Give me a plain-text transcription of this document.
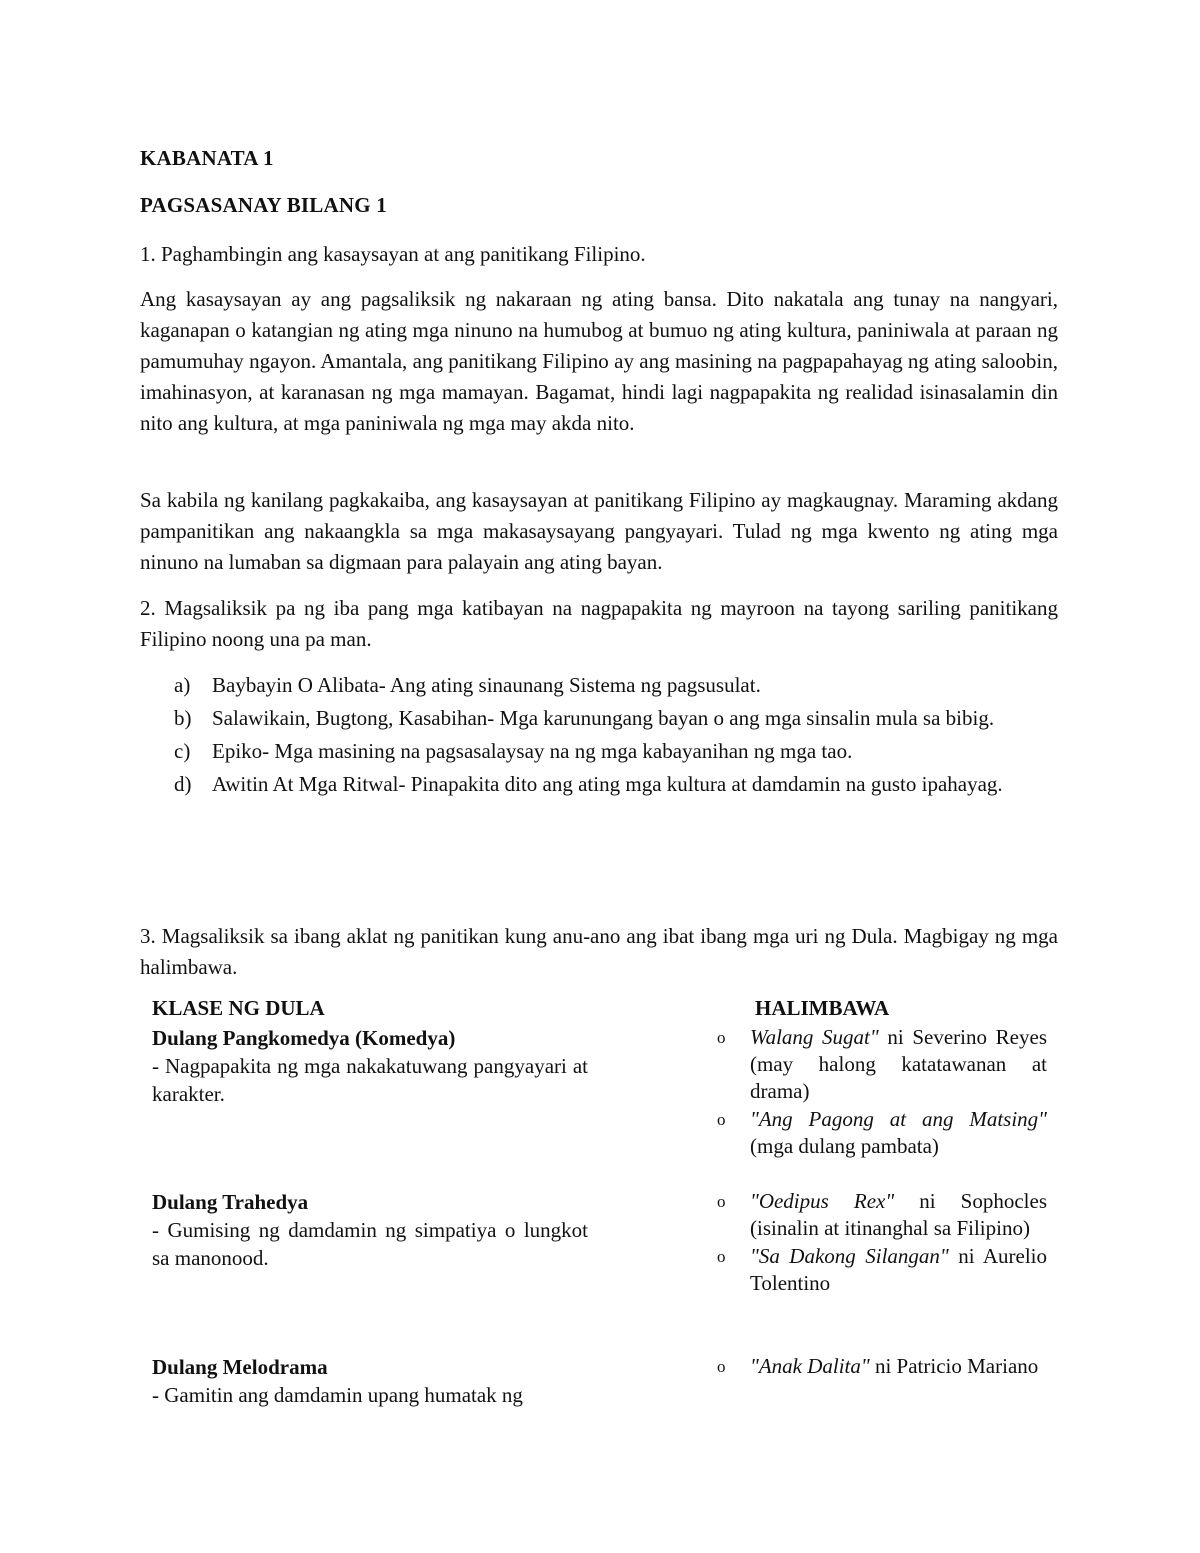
KABANATA 1

PAGSASANAY BILANG 1

1. Paghambingin ang kasaysayan at ang panitikang Filipino.

Ang kasaysayan ay ang pagsaliksik ng nakaraan ng ating bansa. Dito nakatala ang tunay na nangyari, kaganapan o katangian ng ating mga ninuno na humubog at bumuo ng ating kultura, paniniwala at paraan ng pamumuhay ngayon. Amantala, ang panitikang Filipino ay ang masining na pagpapahayag ng ating saloobin, imahinasyon, at karanasan ng mga mamayan. Bagamat, hindi lagi nagpapakita ng realidad isinasalamin din nito ang kultura, at mga paniniwala ng mga may akda nito.

Sa kabila ng kanilang pagkakaiba, ang kasaysayan at panitikang Filipino ay magkaugnay. Maraming akdang pampanitikan ang nakaangkla sa mga makasaysayang pangyayari. Tulad ng mga kwento ng ating mga ninuno na lumaban sa digmaan para palayain ang ating bayan.

2. Magsaliksik pa ng iba pang mga katibayan na nagpapakita ng mayroon na tayong sariling panitikang Filipino noong una pa man.

a) Baybayin O Alibata- Ang ating sinaunang Sistema ng pagsusulat.
b) Salawikain, Bugtong, Kasabihan- Mga karunungang bayan o ang mga sinsalin mula sa bibig.
c) Epiko- Mga masining na pagsasalaysay na ng mga kabayanihan ng mga tao.
d) Awitin At Mga Ritwal- Pinapakita dito ang ating mga kultura at damdamin na gusto ipahayag.

3. Magsaliksik sa ibang aklat ng panitikan kung anu-ano ang ibat ibang mga uri ng Dula. Magbigay ng mga halimbawa.

KLASE NG DULA	HALIMBAWA
Dulang Pangkomedya (Komedya)
- Nagpapakita ng mga nakakatuwang pangyayari at karakter.
o Walang Sugat" ni Severino Reyes (may halong katatawanan at drama)
o "Ang Pagong at ang Matsing" (mga dulang pambata)
Dulang Trahedya
- Gumising ng damdamin ng simpatiya o lungkot sa manonood.
o "Oedipus Rex" ni Sophocles (isinalin at itinanghal sa Filipino)
o "Sa Dakong Silangan" ni Aurelio Tolentino
Dulang Melodrama
- Gamitin ang damdamin upang humatak ng
o "Anak Dalita" ni Patricio Mariano
